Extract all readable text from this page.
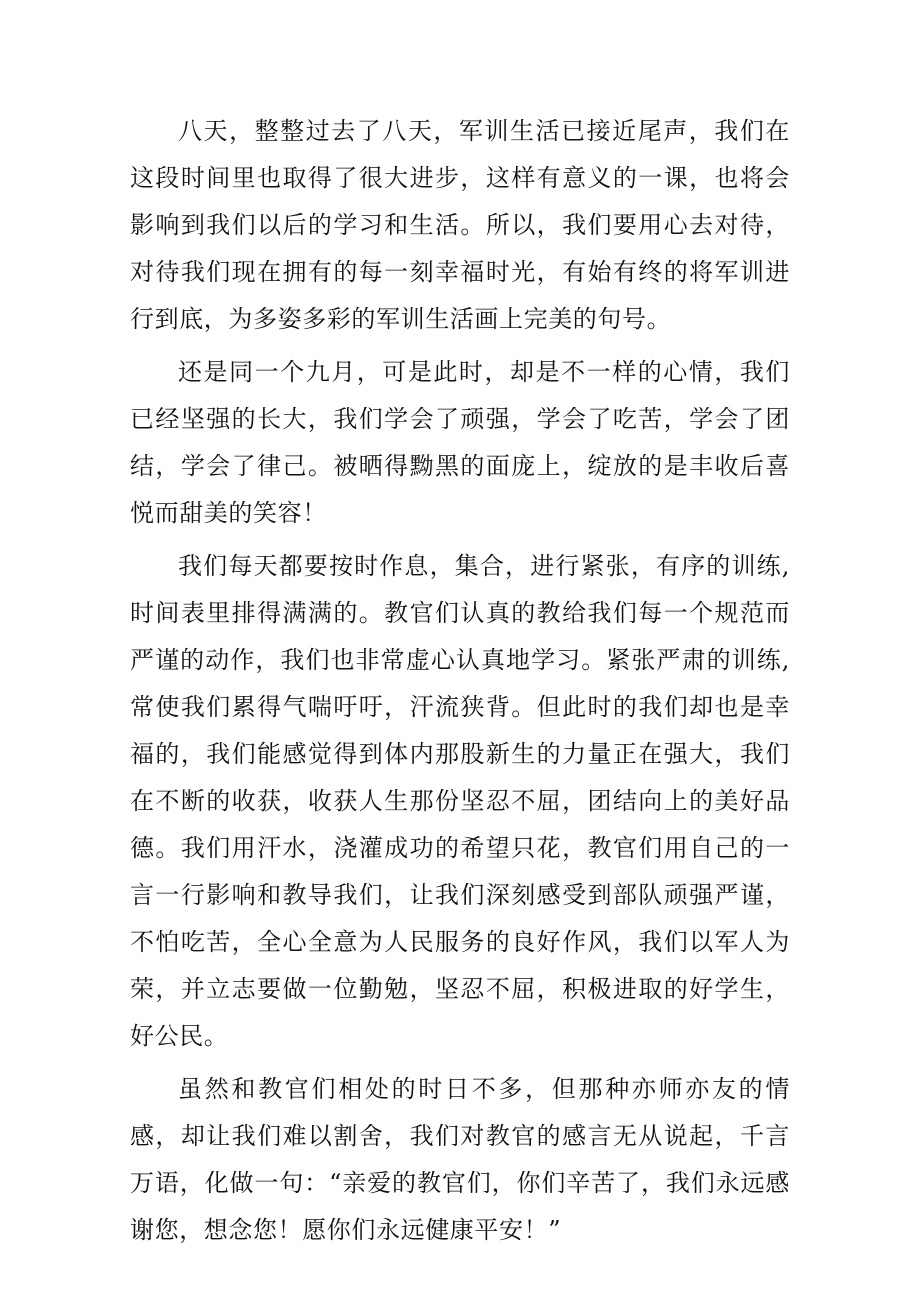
八天，整整过去了八天，军训生活已接近尾声，我们在这段时间里也取得了很大进步，这样有意义的一课，也将会影响到我们以后的学习和生活。所以，我们要用心去对待，对待我们现在拥有的每一刻幸福时光，有始有终的将军训进行到底，为多姿多彩的军训生活画上完美的句号。

还是同一个九月，可是此时，却是不一样的心情，我们已经坚强的长大，我们学会了顽强，学会了吃苦，学会了团结，学会了律己。被晒得黝黑的面庞上，绽放的是丰收后喜悦而甜美的笑容！

我们每天都要按时作息，集合，进行紧张，有序的训练,时间表里排得满满的。教官们认真的教给我们每一个规范而严谨的动作，我们也非常虚心认真地学习。紧张严肃的训练,常使我们累得气喘吁吁，汗流狭背。但此时的我们却也是幸福的，我们能感觉得到体内那股新生的力量正在强大，我们在不断的收获，收获人生那份坚忍不屈，团结向上的美好品德。我们用汗水，浇灌成功的希望只花，教官们用自己的一言一行影响和教导我们，让我们深刻感受到部队顽强严谨，不怕吃苦，全心全意为人民服务的良好作风，我们以军人为荣，并立志要做一位勤勉，坚忍不屈，积极进取的好学生，好公民。

虽然和教官们相处的时日不多，但那种亦师亦友的情感，却让我们难以割舍，我们对教官的感言无从说起，千言万语，化做一句：“亲爱的教官们，你们辛苦了，我们永远感谢您，想念您！愿你们永远健康平安！”
